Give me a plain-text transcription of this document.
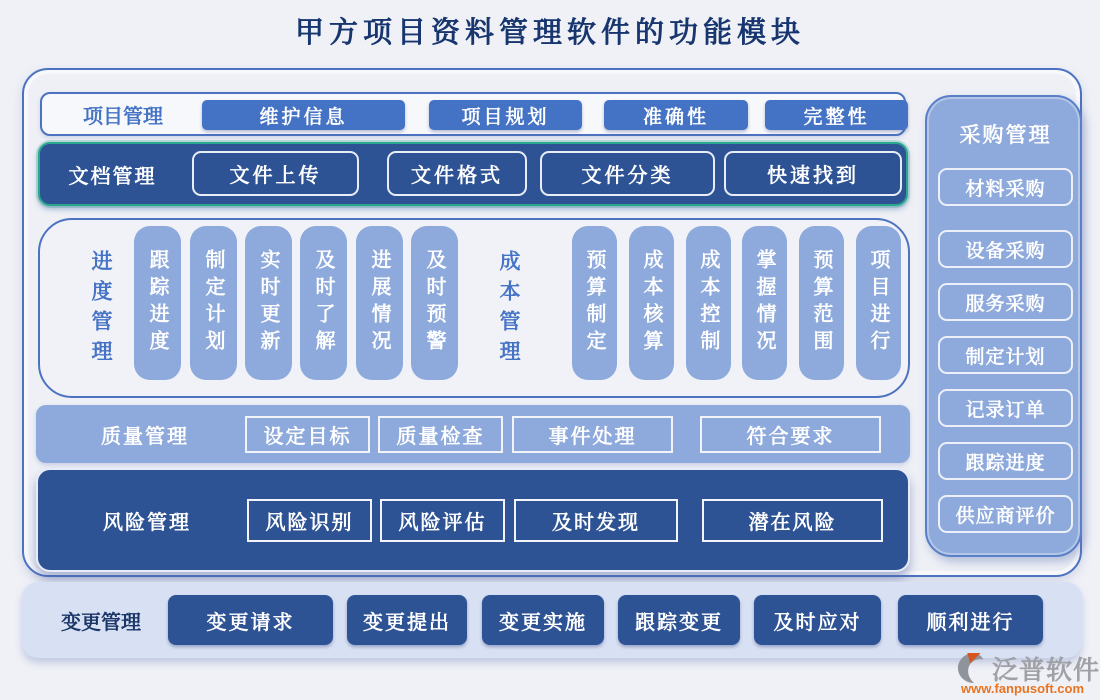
甲方项目资料管理软件的功能模块
项目管理	维护信息	项目规划	准确性	完整性
文档管理	文件上传	文件格式	文件分类	快速找到
进度管理	跟踪进度	制定计划	实时更新	及时了解	进展情况	及时预警	成本管理	预算制定	成本核算	成本控制	掌握情况	预算范围	项目进行
质量管理	设定目标	质量检查	事件处理	符合要求
风险管理	风险识别	风险评估	及时发现	潜在风险
采购管理
材料采购
设备采购
服务采购
制定计划
记录订单
跟踪进度
供应商评价
变更管理	变更请求	变更提出	变更实施	跟踪变更	及时应对	顺利进行
泛普软件
www.fanpusoft.com
